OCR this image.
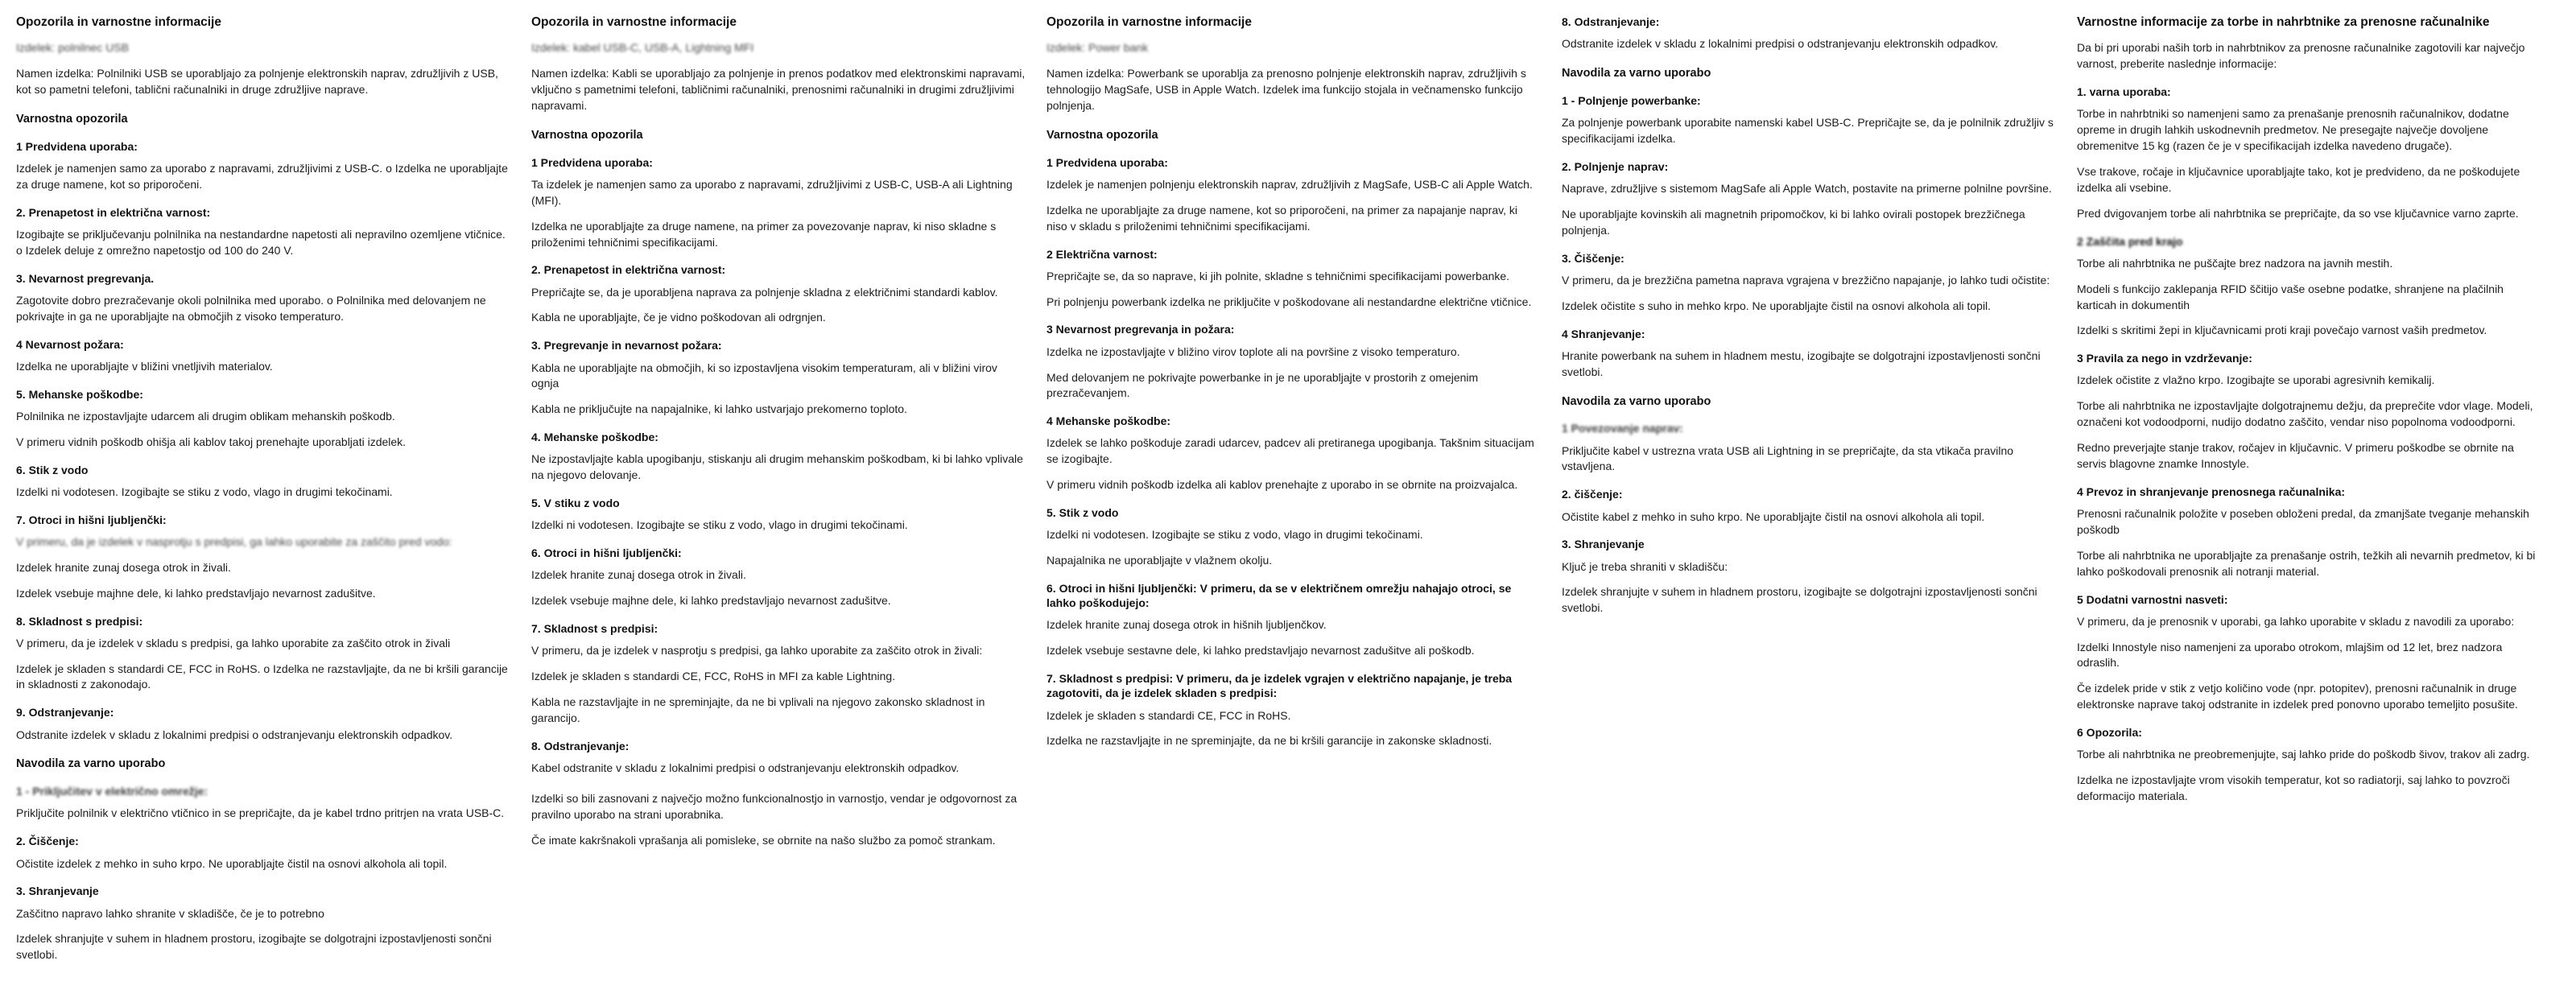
Opozorila in varnostne informacije

Izdelek: polnilnec USB

Namen izdelka: Polnilniki USB se uporabljajo za polnjenje elektronskih naprav, združljivih z USB, kot so pametni telefoni, tablični računalniki in druge združljive naprave.

Varnostna opozorila
1 Predvidena uporaba:

Izdelek je namenjen samo za uporabo z napravami, združljivimi z USB-C. o Izdelka ne uporabljajte za druge namene, kot so priporočeni.

2. Prenapetost in električna varnost:

Izogibajte se priključevanju polnilnika na nestandardne napetosti ali nepravilno ozemljene vtičnice. o Izdelek deluje z omrežno napetostjo od 100 do 240 V.

3. Nevarnost pregrevanja.

Zagotovite dobro prezračevanje okoli polnilnika med uporabo. o Polnilnika med delovanjem ne pokrivajte in ga ne uporabljajte na območjih z visoko temperaturo.

4 Nevarnost požara:

Izdelka ne uporabljajte v bližini vnetljivih materialov.

5. Mehanske poškodbe:

Polnilnika ne izpostavljajte udarcem ali drugim oblikam mehanskih poškodb.

V primeru vidnih poškodb ohišja ali kablov takoj prenehajte uporabljati izdelek.

6. Stik z vodo

Izdelki ni vodotesen. Izogibajte se stiku z vodo, vlago in drugimi tekočinami.

7. Otroci in hišni ljubljenčki:

V primeru, da je izdelek v nasprotju s predpisi, ga lahko uporabite za zaščito pred vodo:

Izdelek hranite zunaj dosega otrok in živali.

Izdelek vsebuje majhne dele, ki lahko predstavljajo nevarnost zadušitve.

8. Skladnost s predpisi:

V primeru, da je izdelek v skladu s predpisi, ga lahko uporabite za zaščito otrok in živali

Izdelek je skladen s standardi CE, FCC in RoHS. o Izdelka ne razstavljajte, da ne bi kršili garancije in skladnosti z zakonodajo.

9. Odstranjevanje:

Odstranite izdelek v skladu z lokalnimi predpisi o odstranjevanju elektronskih odpadkov.

Navodila za varno uporabo
1 - Priključitev v električno omrežje:

Priključite polnilnik v električno vtičnico in se prepričajte, da je kabel trdno pritrjen na vrata USB-C.

2. Čiščenje:

Očistite izdelek z mehko in suho krpo. Ne uporabljajte čistil na osnovi alkohola ali topil.

3. Shranjevanje

Zaščitno napravo lahko shranite v skladišče, če je to potrebno

Izdelek shranjujte v suhem in hladnem prostoru, izogibajte se dolgotrajni izpostavljenosti sončni svetlobi.

Opozorila in varnostne informacije

Izdelek: kabel USB-C, USB-A, Lightning MFI

Namen izdelka: Kabli se uporabljajo za polnjenje in prenos podatkov med elektronskimi napravami, vključno s pametnimi telefoni, tabličnimi računalniki, prenosnimi računalniki in drugimi združljivimi napravami.

Varnostna opozorila
1 Predvidena uporaba:

Ta izdelek je namenjen samo za uporabo z napravami, združljivimi z USB-C, USB-A ali Lightning (MFI).

Izdelka ne uporabljajte za druge namene, na primer za povezovanje naprav, ki niso skladne s priloženimi tehničnimi specifikacijami.

2. Prenapetost in električna varnost:

Prepričajte se, da je uporabljena naprava za polnjenje skladna z električnimi standardi kablov.

Kabla ne uporabljajte, če je vidno poškodovan ali odrgnjen.

3. Pregrevanje in nevarnost požara:

Kabla ne uporabljajte na območjih, ki so izpostavljena visokim temperaturam, ali v bližini virov ognja

Kabla ne priključujte na napajalnike, ki lahko ustvarjajo prekomerno toploto.

4. Mehanske poškodbe:

Ne izpostavljajte kabla upogibanju, stiskanju ali drugim mehanskim poškodbam, ki bi lahko vplivale na njegovo delovanje.

5. V stiku z vodo

Izdelki ni vodotesen. Izogibajte se stiku z vodo, vlago in drugimi tekočinami.

6. Otroci in hišni ljubljenčki:

Izdelek hranite zunaj dosega otrok in živali.

Izdelek vsebuje majhne dele, ki lahko predstavljajo nevarnost zadušitve.

7. Skladnost s predpisi:

V primeru, da je izdelek v nasprotju s predpisi, ga lahko uporabite za zaščito otrok in živali:

Izdelek je skladen s standardi CE, FCC, RoHS in MFI za kable Lightning.

Kabla ne razstavljajte in ne spreminjajte, da ne bi vplivali na njegovo zakonsko skladnost in garancijo.

8. Odstranjevanje:

Kabel odstranite v skladu z lokalnimi predpisi o odstranjevanju elektronskih odpadkov.

Izdelki so bili zasnovani z največjo možno funkcionalnostjo in varnostjo, vendar je odgovornost za pravilno uporabo na strani uporabnika.

Če imate kakršnakoli vprašanja ali pomisleke, se obrnite na našo službo za pomoč strankam.

Opozorila in varnostne informacije

Izdelek: Power bank

Namen izdelka: Powerbank se uporablja za prenosno polnjenje elektronskih naprav, združljivih s tehnologijo MagSafe, USB in Apple Watch. Izdelek ima funkcijo stojala in večnamensko funkcijo polnjenja.

Varnostna opozorila
1 Predvidena uporaba:

Izdelek je namenjen polnjenju elektronskih naprav, združljivih z MagSafe, USB-C ali Apple Watch.

Izdelka ne uporabljajte za druge namene, kot so priporočeni, na primer za napajanje naprav, ki niso v skladu s priloženimi tehničnimi specifikacijami.

2 Električna varnost:

Prepričajte se, da so naprave, ki jih polnite, skladne s tehničnimi specifikacijami powerbanke.

Pri polnjenju powerbank izdelka ne priključite v poškodovane ali nestandardne električne vtičnice.

3 Nevarnost pregrevanja in požara:

Izdelka ne izpostavljajte v bližino virov toplote ali na površine z visoko temperaturo.

Med delovanjem ne pokrivajte powerbanke in je ne uporabljajte v prostorih z omejenim prezračevanjem.

4 Mehanske poškodbe:

Izdelek se lahko poškoduje zaradi udarcev, padcev ali pretiranega upogibanja. Takšnim situacijam se izogibajte.

V primeru vidnih poškodb izdelka ali kablov prenehajte z uporabo in se obrnite na proizvajalca.

5. Stik z vodo

Izdelki ni vodotesen. Izogibajte se stiku z vodo, vlago in drugimi tekočinami.

Napajalnika ne uporabljajte v vlažnem okolju.

6. Otroci in hišni ljubljenčki: V primeru, da se v električnem omrežju nahajajo otroci, se lahko poškodujejo:

Izdelek hranite zunaj dosega otrok in hišnih ljubljenčkov.

Izdelek vsebuje sestavne dele, ki lahko predstavljajo nevarnost zadušitve ali poškodb.

7. Skladnost s predpisi: V primeru, da je izdelek vgrajen v električno napajanje, je treba zagotoviti, da je izdelek skladen s predpisi:

Izdelek je skladen s standardi CE, FCC in RoHS.

Izdelka ne razstavljajte in ne spreminjajte, da ne bi kršili garancije in zakonske skladnosti.

8. Odstranjevanje:

Odstranite izdelek v skladu z lokalnimi predpisi o odstranjevanju elektronskih odpadkov.

Navodila za varno uporabo
1 - Polnjenje powerbanke:

Za polnjenje powerbank uporabite namenski kabel USB-C. Prepričajte se, da je polnilnik združljiv s specifikacijami izdelka.

2. Polnjenje naprav:

Naprave, združljive s sistemom MagSafe ali Apple Watch, postavite na primerne polnilne površine.

Ne uporabljajte kovinskih ali magnetnih pripomočkov, ki bi lahko ovirali postopek brezžičnega polnjenja.

3. Čiščenje:

V primeru, da je brezžična pametna naprava vgrajena v brezžično napajanje, jo lahko tudi očistite:

Izdelek očistite s suho in mehko krpo. Ne uporabljajte čistil na osnovi alkohola ali topil.

4 Shranjevanje:

Hranite powerbank na suhem in hladnem mestu, izogibajte se dolgotrajni izpostavljenosti sončni svetlobi.

Navodila za varno uporabo
1 Povezovanje naprav:

Priključite kabel v ustrezna vrata USB ali Lightning in se prepričajte, da sta vtikača pravilno vstavljena.

2. čiščenje:

Očistite kabel z mehko in suho krpo. Ne uporabljajte čistil na osnovi alkohola ali topil.

3. Shranjevanje

Ključ je treba shraniti v skladišču:

Izdelek shranjujte v suhem in hladnem prostoru, izogibajte se dolgotrajni izpostavljenosti sončni svetlobi.

Varnostne informacije za torbe in nahrbtnike za prenosne računalnike

Da bi pri uporabi naših torb in nahrbtnikov za prenosne računalnike zagotovili kar največjo varnost, preberite naslednje informacije:

1. varna uporaba:

Torbe in nahrbtniki so namenjeni samo za prenašanje prenosnih računalnikov, dodatne opreme in drugih lahkih uskodnevnih predmetov. Ne presegajte največje dovoljene obremenitve 15 kg (razen če je v specifikacijah izdelka navedeno drugače).

Vse trakove, ročaje in ključavnice uporabljajte tako, kot je predvideno, da ne poškodujete izdelka ali vsebine.

Pred dvigovanjem torbe ali nahrbtnika se prepričajte, da so vse ključavnice varno zaprte.

2 Zaščita pred krajo

Torbe ali nahrbtnika ne puščajte brez nadzora na javnih mestih.

Modeli s funkcijo zaklepanja RFID ščitijo vaše osebne podatke, shranjene na plačilnih karticah in dokumentih

Izdelki s skritimi žepi in ključavnicami proti kraji povečajo varnost vaših predmetov.

3 Pravila za nego in vzdrževanje:

Izdelek očistite z vlažno krpo. Izogibajte se uporabi agresivnih kemikalij.

Torbe ali nahrbtnika ne izpostavljajte dolgotrajnemu dežju, da preprečite vdor vlage. Modeli, označeni kot vodoodporni, nudijo dodatno zaščito, vendar niso popolnoma vodoodporni.

Redno preverjajte stanje trakov, ročajev in ključavnic. V primeru poškodbe se obrnite na servis blagovne znamke Innostyle.

4 Prevoz in shranjevanje prenosnega računalnika:

Prenosni računalnik položite v poseben obloženi predal, da zmanjšate tveganje mehanskih poškodb

Torbe ali nahrbtnika ne uporabljajte za prenašanje ostrih, težkih ali nevarnih predmetov, ki bi lahko poškodovali prenosnik ali notranji material.

5 Dodatni varnostni nasveti:

V primeru, da je prenosnik v uporabi, ga lahko uporabite v skladu z navodili za uporabo:

Izdelki Innostyle niso namenjeni za uporabo otrokom, mlajšim od 12 let, brez nadzora odraslih.

Če izdelek pride v stik z vetjo količino vode (npr. potopitev), prenosni računalnik in druge elektronske naprave takoj odstranite in izdelek pred ponovno uporabo temeljito posušite.

6 Opozorila:

Torbe ali nahrbtnika ne preobremenjujte, saj lahko pride do poškodb šivov, trakov ali zadrg.

Izdelka ne izpostavljajte vrom visokih temperatur, kot so radiatorji, saj lahko to povzroči deformacijo materiala.
